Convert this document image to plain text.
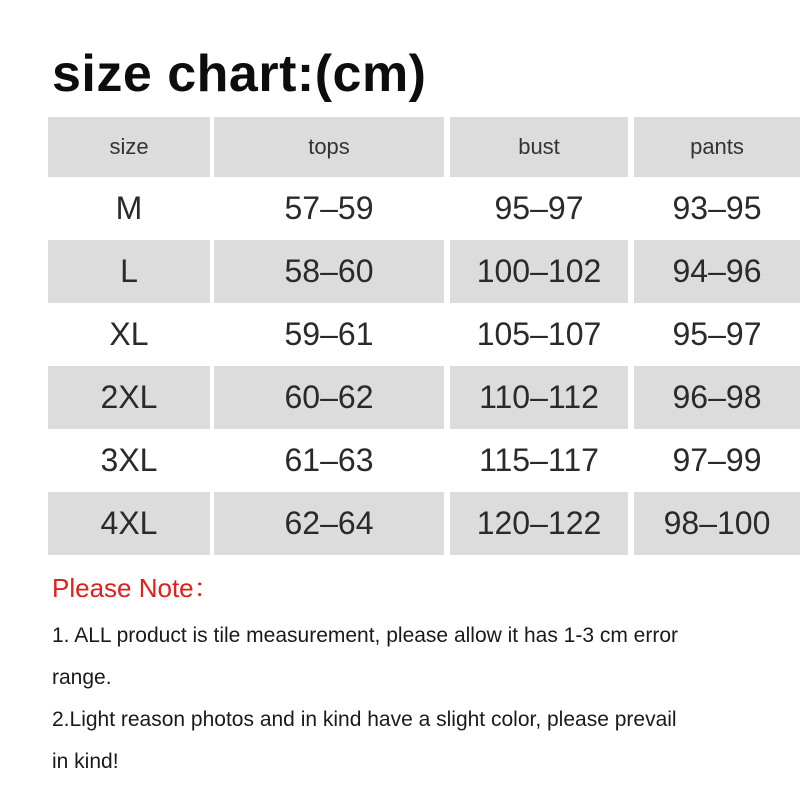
size chart:(cm)
size	tops	bust	pants
M	57–59	95–97	93–95
L	58–60	100–102	94–96
XL	59–61	105–107	95–97
2XL	60–62	110–112	96–98
3XL	61–63	115–117	97–99
4XL	62–64	120–122	98–100
Please Note：
1. ALL product is tile measurement, please allow it has 1-3 cm error
range.
2.Light reason photos and in kind have a slight color, please prevail
in kind!
